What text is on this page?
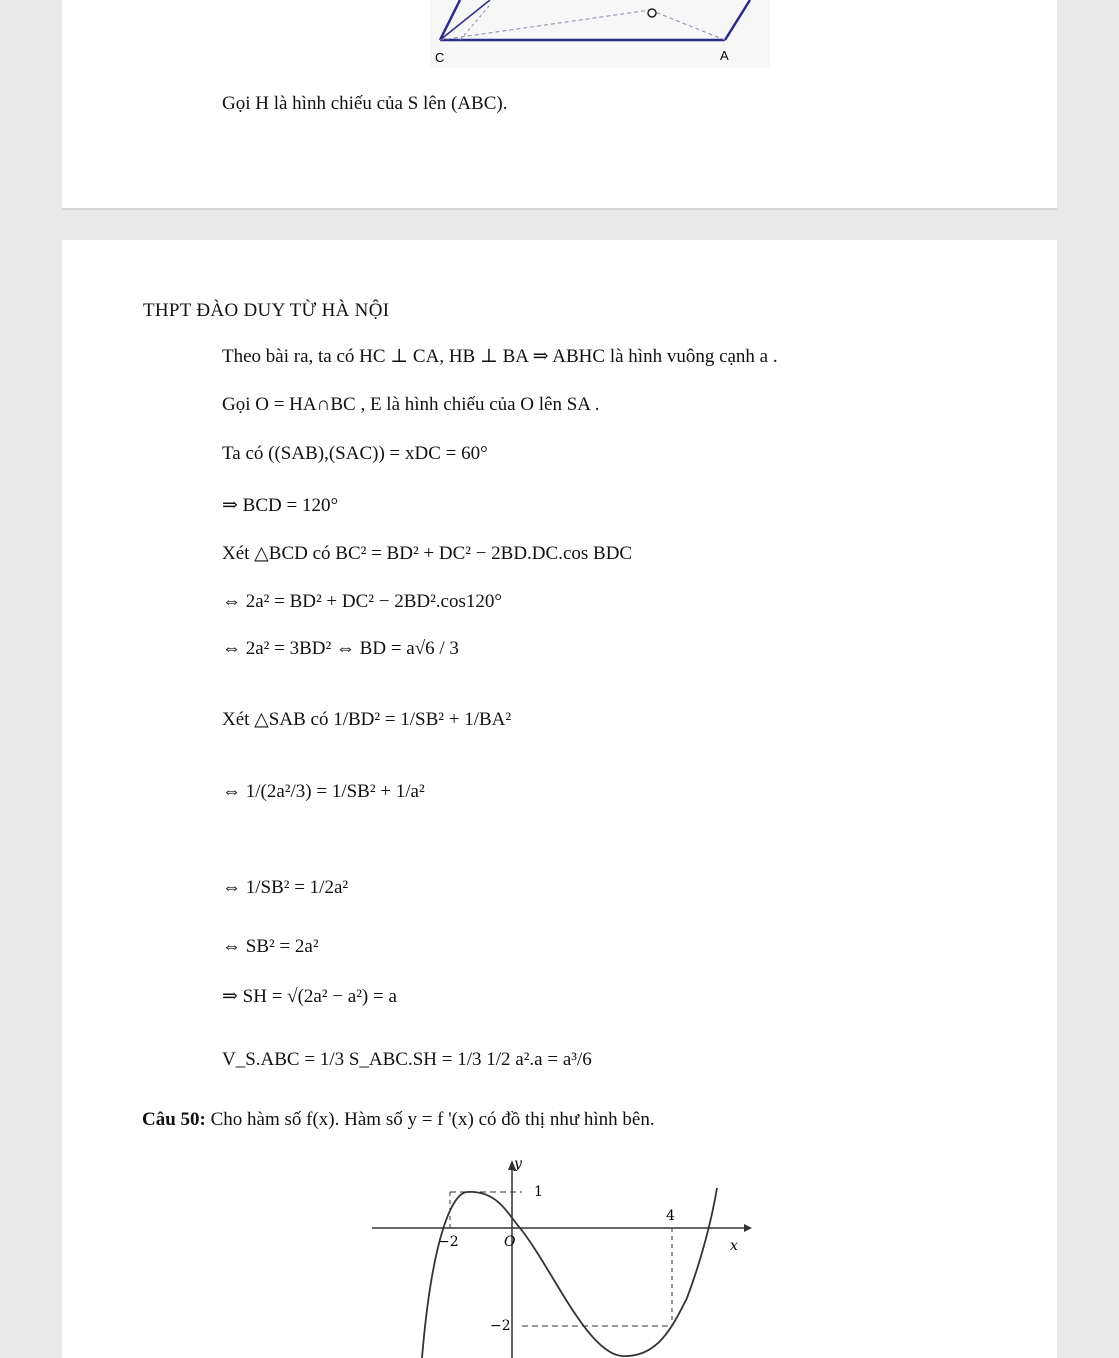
C	A
Gọi H là hình chiếu của S lên (ABC).
THPT ĐÀO DUY TỪ HÀ NỘI
Theo bài ra, ta có HC ⊥ CA, HB ⊥ BA ⇒ ABHC là hình vuông cạnh a .
Gọi O = HA∩BC , E là hình chiếu của O lên SA .
Ta có ((SAB),(SAC)) = xDC = 60°
⇒ BCD = 120°
Xét △BCD có BC² = BD² + DC² − 2BD.DC.cos BDC
⇔ 2a² = BD² + DC² − 2BD².cos120°
⇔ 2a² = 3BD² ⇔ BD = a√6 / 3
Xét △SAB có 1/BD² = 1/SB² + 1/BA²
⇔ 1/(2a²/3) = 1/SB² + 1/a²
⇔ 1/SB² = 1/2a²
⇔ SB² = 2a²
⇒ SH = √(2a² − a²) = a
V_S.ABC = 1/3 S_ABC.SH = 1/3 1/2 a².a = a³/6
Câu 50: Cho hàm số f(x). Hàm số y = f '(x) có đồ thị như hình bên.
y
x
O
1
4
−2
−2
